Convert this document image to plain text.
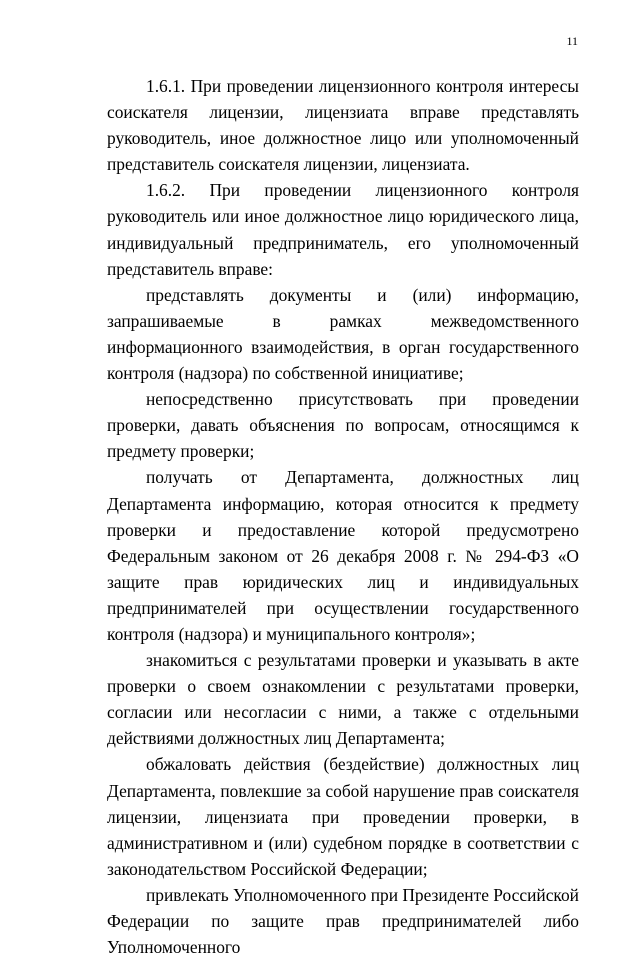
11

1.6.1. При проведении лицензионного контроля интересы соискателя лицензии, лицензиата вправе представлять руководитель, иное должностное лицо или уполномоченный представитель соискателя лицензии, лицензиата.

1.6.2. При проведении лицензионного контроля руководитель или иное должностное лицо юридического лица, индивидуальный предприниматель, его уполномоченный представитель вправе:

представлять документы и (или) информацию, запрашиваемые в рамках межведомственного информационного взаимодействия, в орган государственного контроля (надзора) по собственной инициативе;

непосредственно присутствовать при проведении проверки, давать объяснения по вопросам, относящимся к предмету проверки;

получать от Департамента, должностных лиц Департамента информацию, которая относится к предмету проверки и предоставление которой предусмотрено Федеральным законом от 26 декабря 2008 г. № 294-ФЗ «О защите прав юридических лиц и индивидуальных предпринимателей при осуществлении государственного контроля (надзора) и муниципального контроля»;

знакомиться с результатами проверки и указывать в акте проверки о своем ознакомлении с результатами проверки, согласии или несогласии с ними, а также с отдельными действиями должностных лиц Департамента;

обжаловать действия (бездействие) должностных лиц Департамента, повлекшие за собой нарушение прав соискателя лицензии, лицензиата при проведении проверки, в административном и (или) судебном порядке в соответствии с законодательством Российской Федерации;

привлекать Уполномоченного при Президенте Российской Федерации по защите прав предпринимателей либо Уполномоченного
